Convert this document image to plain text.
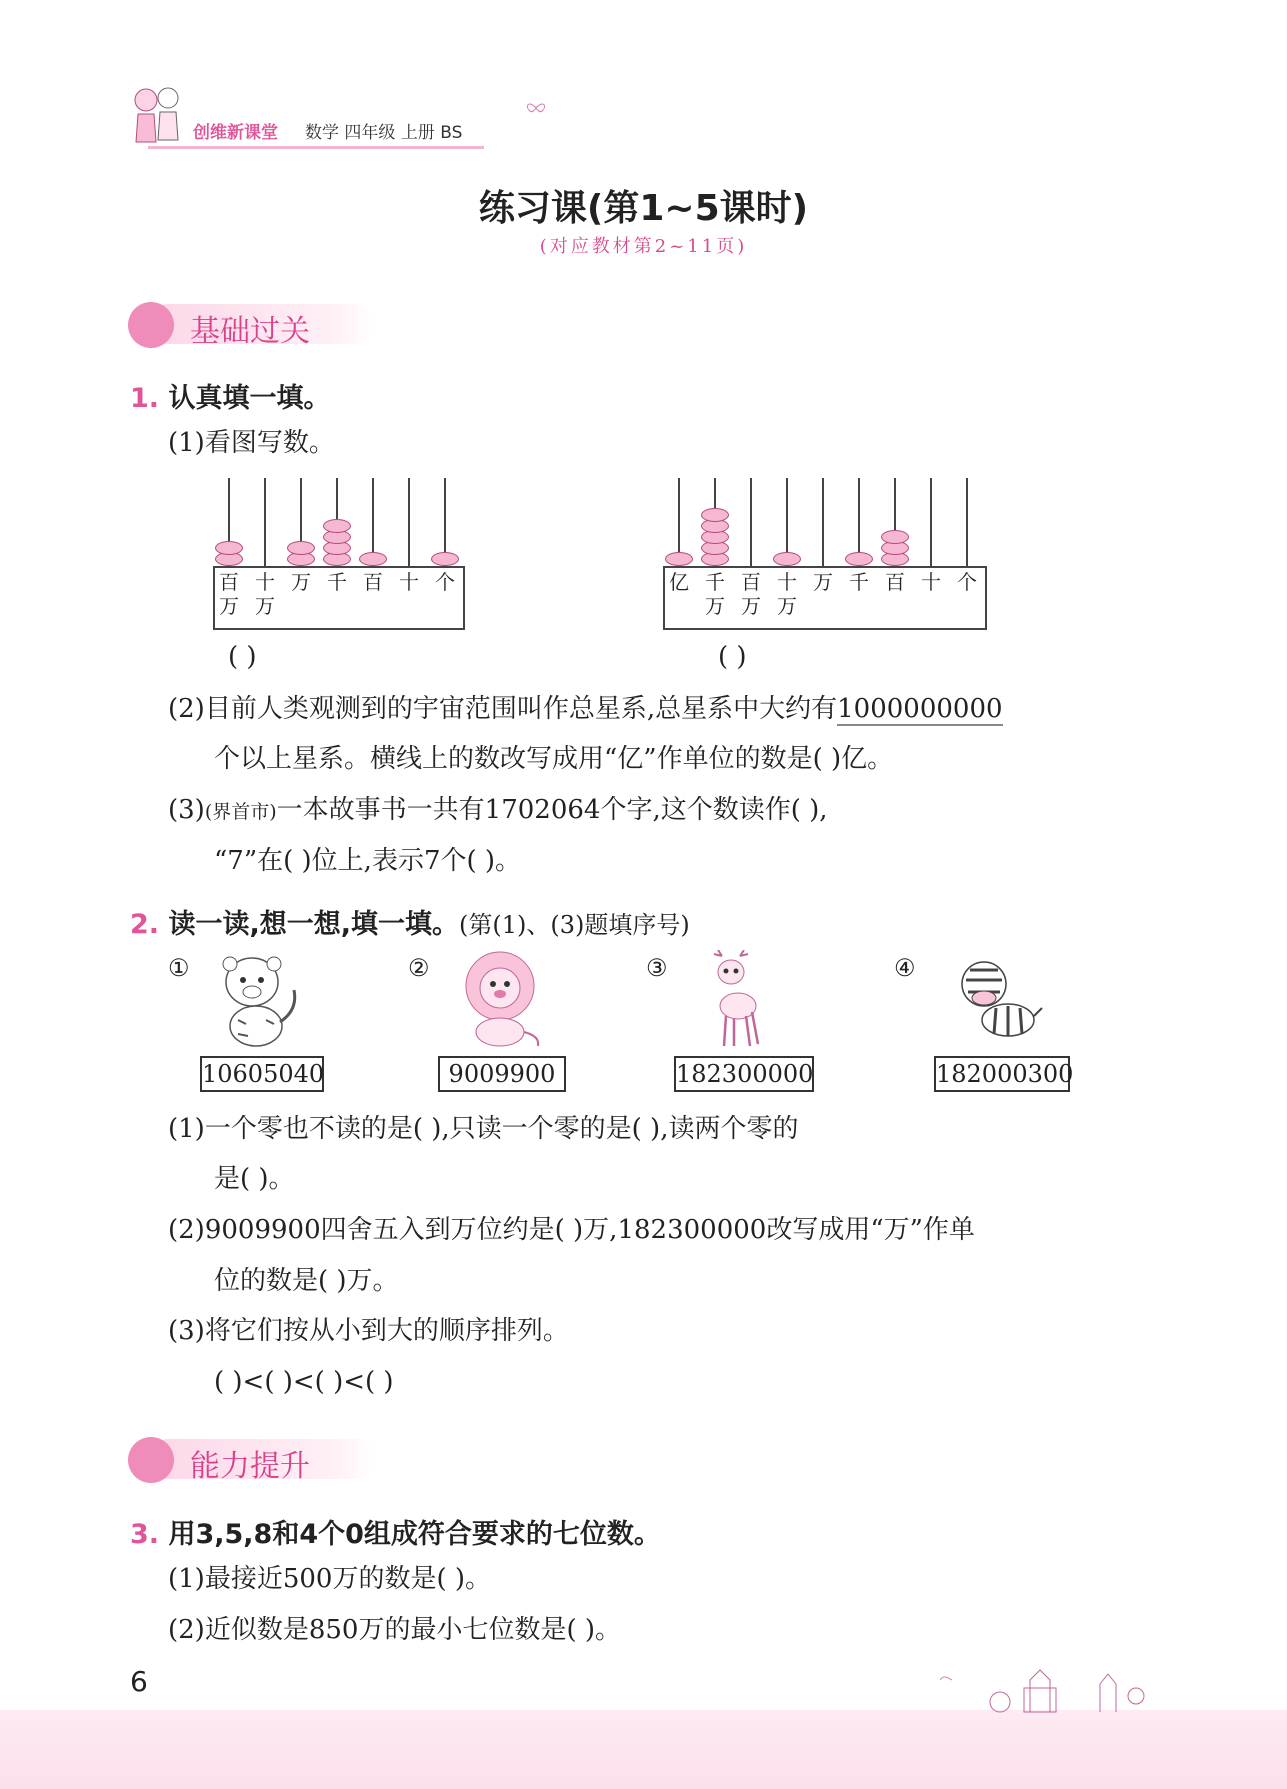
创维新课堂 数学 四年级 上册 BS
练习课(第1~5课时)
(对应教材第2~11页)
基础过关
1. 认真填一填。
(1)看图写数。
百
万
十
万
万 千 百 十 个	亿 千
万
百
万
十
万
万 千 百 十 个
( )	( )
(2)目前人类观测到的宇宙范围叫作总星系,总星系中大约有1000000000
个以上星系。横线上的数改写成用“亿”作单位的数是( )亿。
(3)(界首市)一本故事书一共有1702064个字,这个数读作( ),
“7”在( )位上,表示7个( )。
2. 读一读,想一想,填一填。(第(1)、(3)题填序号)
①
10605040
②
9009900
③
182300000
④
182000300
(1)一个零也不读的是( ),只读一个零的是( ),读两个零的
是( )。
(2)9009900四舍五入到万位约是( )万,182300000改写成用“万”作单
位的数是( )万。
(3)将它们按从小到大的顺序排列。
( )<( )<( )<( )
能力提升
3. 用3,5,8和4个0组成符合要求的七位数。
(1)最接近500万的数是( )。
(2)近似数是850万的最小七位数是( )。
6
